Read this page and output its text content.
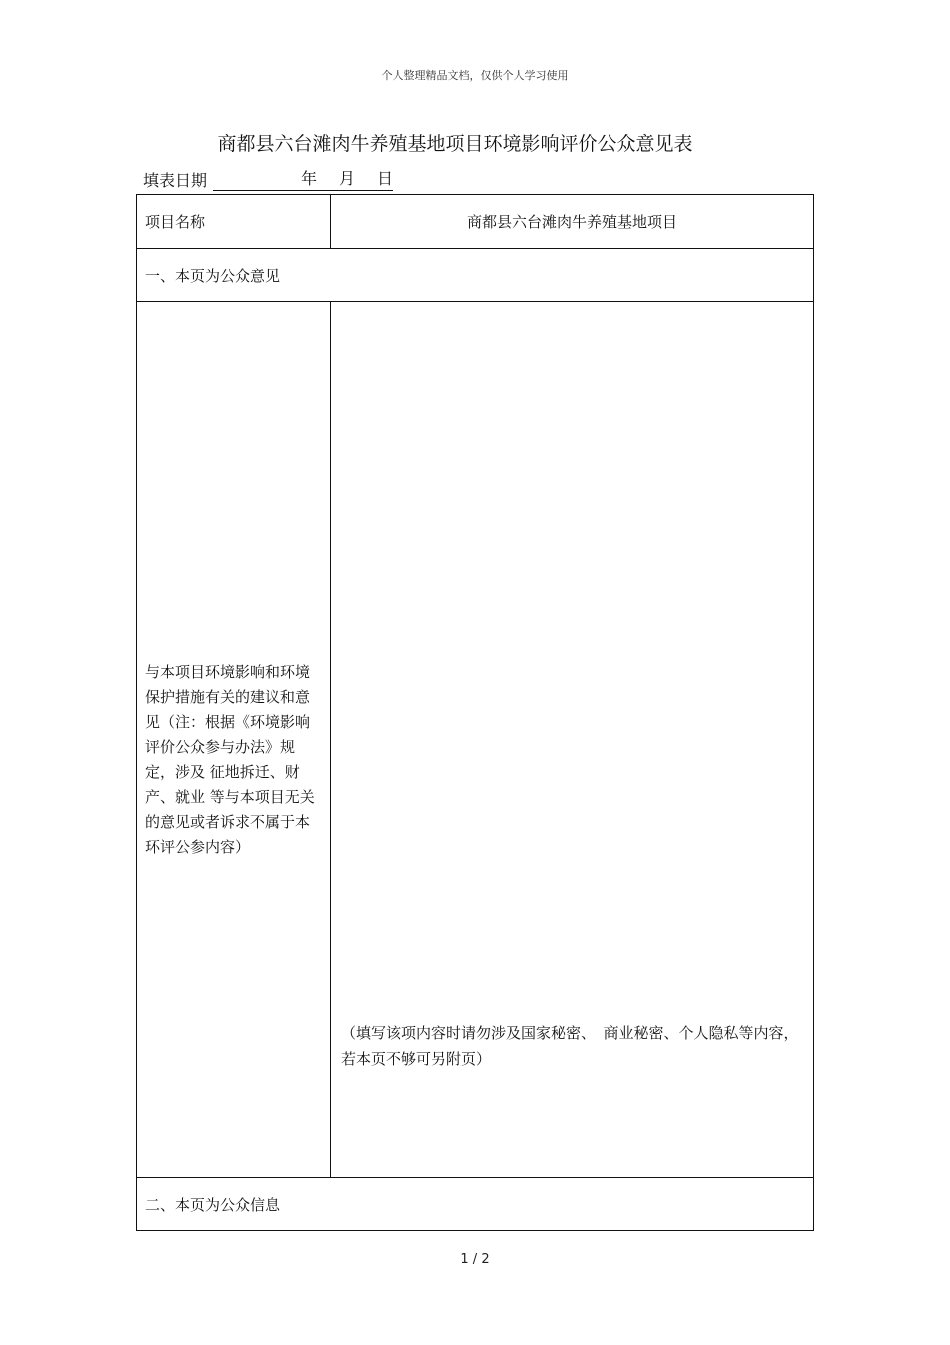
个人整理精品文档，仅供个人学习使用
商都县六台滩肉牛养殖基地项目环境影响评价公众意见表
填表日期	年 月 日
项目名称	商都县六台滩肉牛养殖基地项目
一、本页为公众意见	
与本项目环境影响和环境保护措施有关的建议和意见（注：根据《环境影响评价公众参与办法》规定，涉及 征地拆迁、财产、就业 等与本项目无关的意见或者诉求不属于本环评公参内容）	（填写该项内容时请勿涉及国家秘密、　商业秘密、个人隐私等内容，若本页不够可另附页）

二、本页为公众信息	
1 / 2
